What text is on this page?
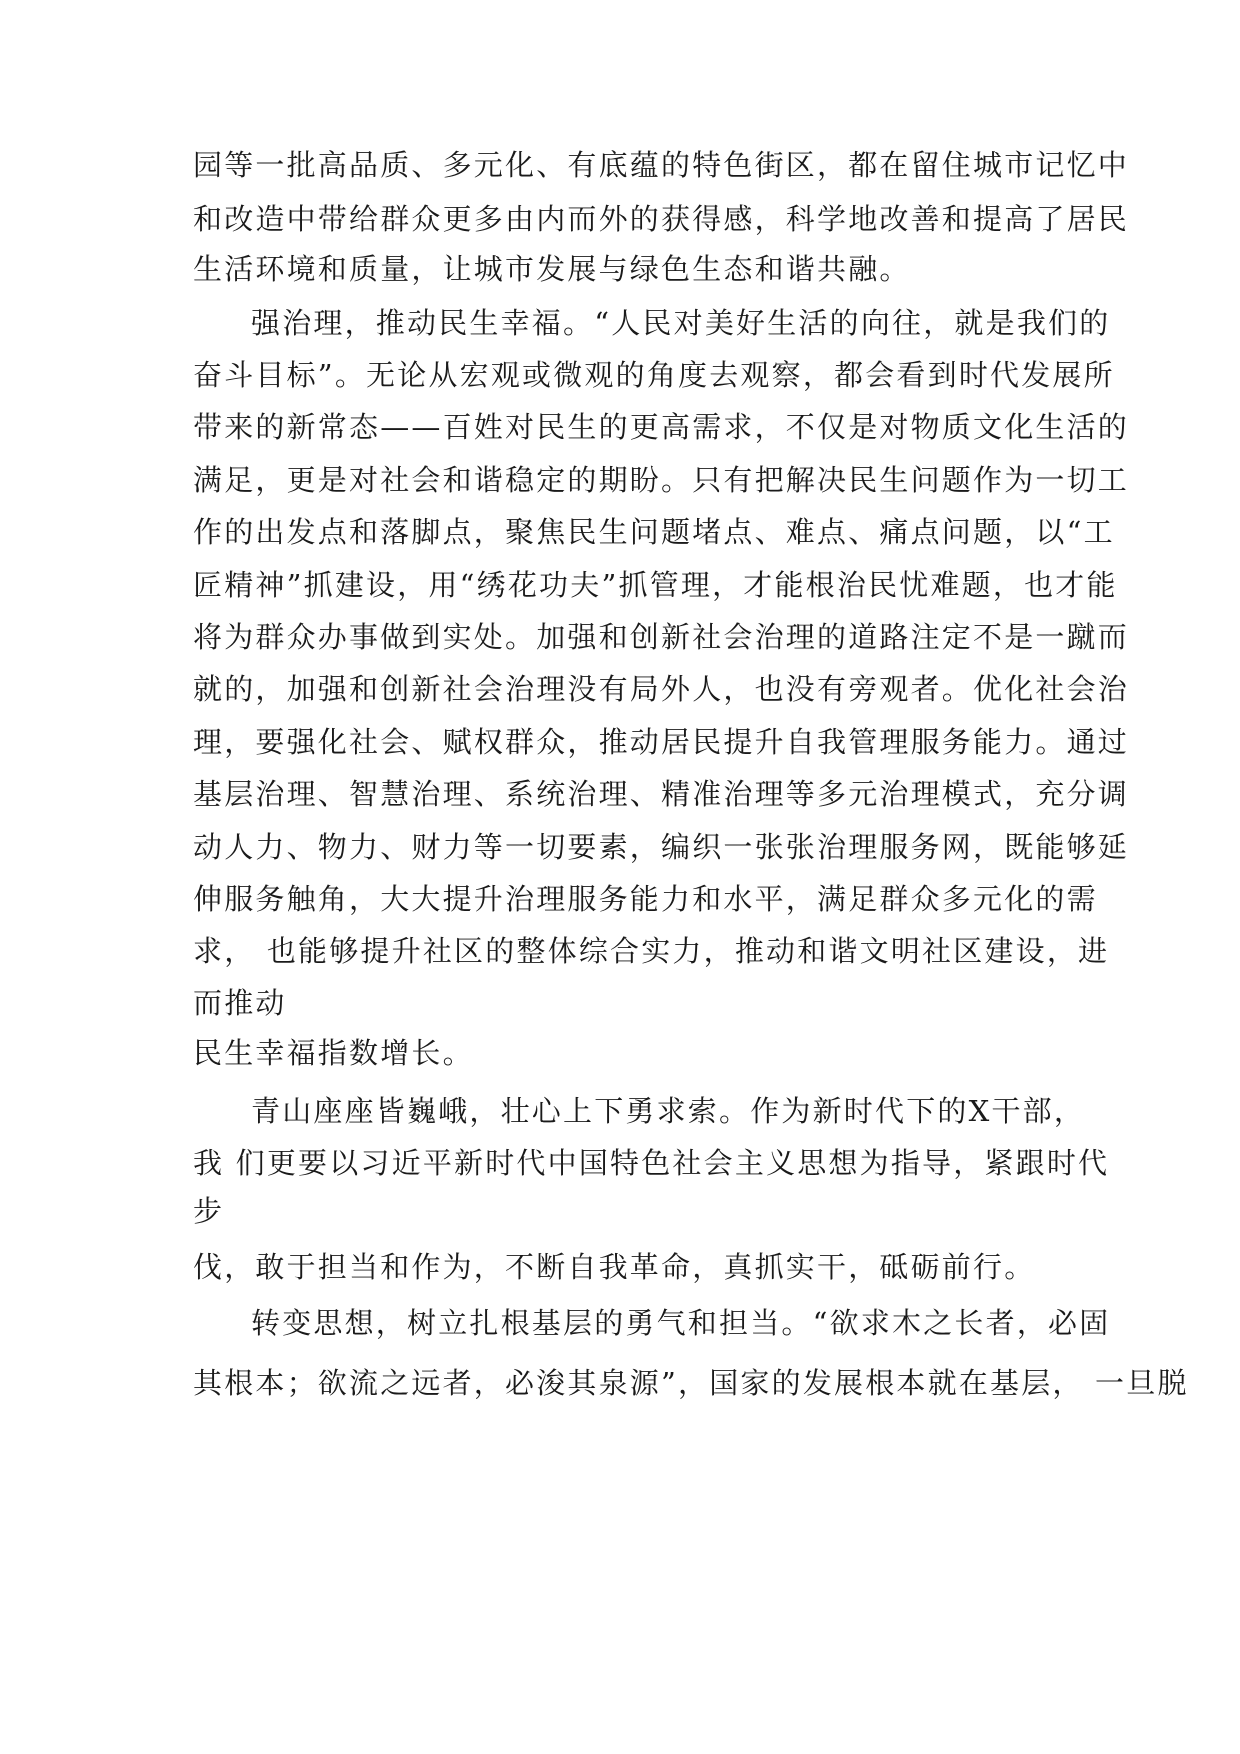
园等一批高品质、多元化、有底蕴的特色街区，都在留住城市记忆中
和改造中带给群众更多由内而外的获得感，科学地改善和提高了居民
生活环境和质量，让城市发展与绿色生态和谐共融。
强治理，推动民生幸福。“人民对美好生活的向往，就是我们的
奋斗目标”。无论从宏观或微观的角度去观察，都会看到时代发展所
带来的新常态——百姓对民生的更高需求，不仅是对物质文化生活的
满足，更是对社会和谐稳定的期盼。只有把解决民生问题作为一切工
作的出发点和落脚点，聚焦民生问题堵点、难点、痛点问题，以“工
匠精神”抓建设，用“绣花功夫”抓管理，才能根治民忧难题，也才能
将为群众办事做到实处。加强和创新社会治理的道路注定不是一蹴而
就的，加强和创新社会治理没有局外人，也没有旁观者。优化社会治
理，要强化社会、赋权群众，推动居民提升自我管理服务能力。通过
基层治理、智慧治理、系统治理、精准治理等多元治理模式，充分调
动人力、物力、财力等一切要素，编织一张张治理服务网，既能够延
伸服务触角，大大提升治理服务能力和水平，满足群众多元化的需
求， 也能够提升社区的整体综合实力，推动和谐文明社区建设，进
而推动
民生幸福指数增长。
青山座座皆巍峨，壮心上下勇求索。作为新时代下的X干部，
我 们更要以习近平新时代中国特色社会主义思想为指导，紧跟时代
步
伐，敢于担当和作为，不断自我革命，真抓实干，砥砺前行。
转变思想，树立扎根基层的勇气和担当。“欲求木之长者，必固
其根本；欲流之远者，必浚其泉源”，国家的发展根本就在基层， 一旦脱
